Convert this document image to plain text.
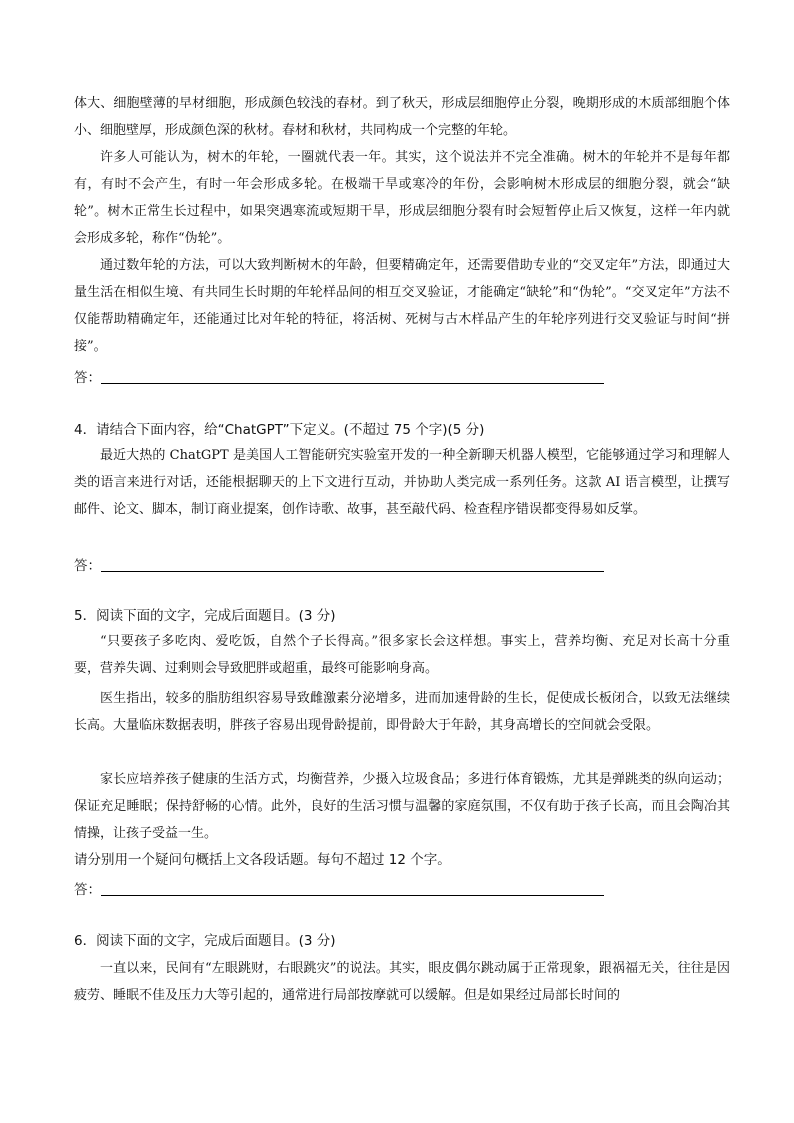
体大、细胞壁薄的早材细胞，形成颜色较浅的春材。到了秋天，形成层细胞停止分裂，晚期形成的木质部细胞个体小、细胞壁厚，形成颜色深的秋材。春材和秋材，共同构成一个完整的年轮。

许多人可能认为，树木的年轮，一圈就代表一年。其实，这个说法并不完全准确。树木的年轮并不是每年都有，有时不会产生，有时一年会形成多轮。在极端干旱或寒冷的年份，会影响树木形成层的细胞分裂，就会“缺轮”。树木正常生长过程中，如果突遇寒流或短期干旱，形成层细胞分裂有时会短暂停止后又恢复，这样一年内就会形成多轮，称作“伪轮”。

通过数年轮的方法，可以大致判断树木的年龄，但要精确定年，还需要借助专业的“交叉定年”方法，即通过大量生活在相似生境、有共同生长时期的年轮样品间的相互交叉验证，才能确定“缺轮”和“伪轮”。“交叉定年”方法不仅能帮助精确定年，还能通过比对年轮的特征，将活树、死树与古木样品产生的年轮序列进行交叉验证与时间“拼接”。

答：

4．请结合下面内容，给“ChatGPT”下定义。(不超过 75 个字)(5 分)

最近大热的 ChatGPT 是美国人工智能研究实验室开发的一种全新聊天机器人模型，它能够通过学习和理解人类的语言来进行对话，还能根据聊天的上下文进行互动，并协助人类完成一系列任务。这款 AI 语言模型，让撰写邮件、论文、脚本，制订商业提案，创作诗歌、故事，甚至敲代码、检查程序错误都变得易如反掌。

答：

5．阅读下面的文字，完成后面题目。(3 分)

“只要孩子多吃肉、爱吃饭，自然个子长得高。”很多家长会这样想。事实上，营养均衡、充足对长高十分重要，营养失调、过剩则会导致肥胖或超重，最终可能影响身高。

医生指出，较多的脂肪组织容易导致雌激素分泌增多，进而加速骨龄的生长，促使成长板闭合，以致无法继续长高。大量临床数据表明，胖孩子容易出现骨龄提前，即骨龄大于年龄，其身高增长的空间就会受限。

家长应培养孩子健康的生活方式，均衡营养，少摄入垃圾食品；多进行体育锻炼，尤其是弹跳类的纵向运动；保证充足睡眠；保持舒畅的心情。此外，良好的生活习惯与温馨的家庭氛围，不仅有助于孩子长高，而且会陶冶其情操，让孩子受益一生。

请分别用一个疑问句概括上文各段话题。每句不超过 12 个字。

答：

6．阅读下面的文字，完成后面题目。(3 分)

一直以来，民间有“左眼跳财，右眼跳灾”的说法。其实，眼皮偶尔跳动属于正常现象，跟祸福无关，往往是因疲劳、睡眠不佳及压力大等引起的，通常进行局部按摩就可以缓解。但是如果经过局部长时间的
